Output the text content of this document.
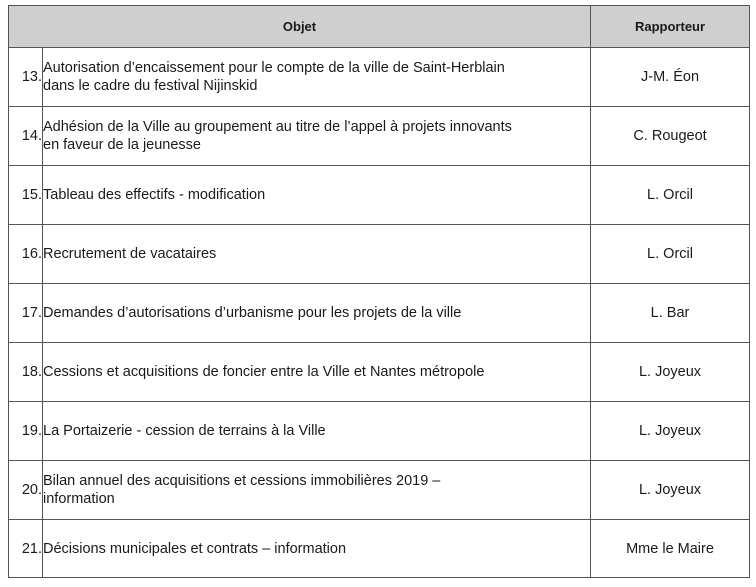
Objet		Rapporteur
13.	Autorisation d’encaissement pour le compte de la ville de Saint-Herblain
dans le cadre du festival Nijinskid	J-M. Éon
14.	Adhésion de la Ville au groupement au titre de l’appel à projets innovants
en faveur de la jeunesse	C. Rougeot
15.	Tableau des effectifs - modification	L. Orcil
16.	Recrutement de vacataires	L. Orcil
17.	Demandes d’autorisations d’urbanisme pour les projets de la ville	L. Bar
18.	Cessions et acquisitions de foncier entre la Ville et Nantes métropole	L. Joyeux
19.	La Portaizerie - cession de terrains à la Ville	L. Joyeux
20.	Bilan annuel des acquisitions et cessions immobilières 2019 –
information	L. Joyeux
21.	Décisions municipales et contrats – information	Mme le Maire
